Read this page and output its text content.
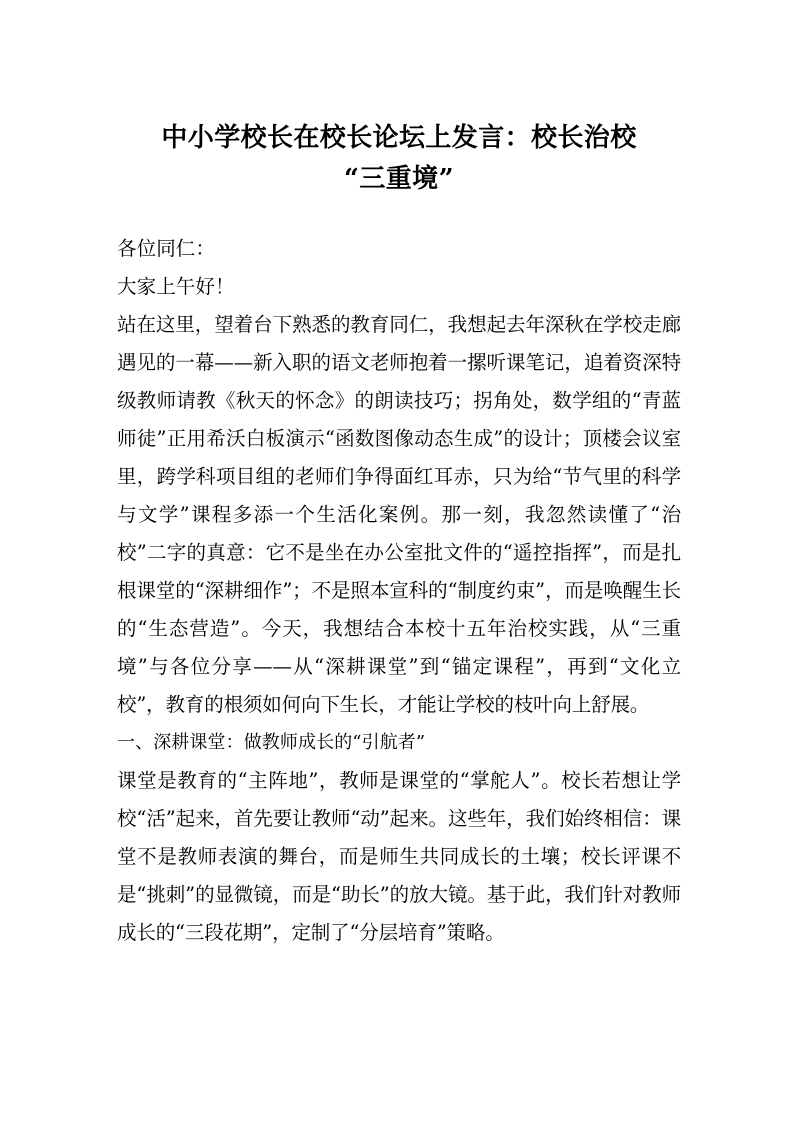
中小学校长在校长论坛上发言：校长治校
“三重境”

各位同仁：

大家上午好！

站在这里，望着台下熟悉的教育同仁，我想起去年深秋在学校走廊遇见的一幕——新入职的语文老师抱着一摞听课笔记，追着资深特级教师请教《秋天的怀念》的朗读技巧；拐角处，数学组的“青蓝师徒”正用希沃白板演示“函数图像动态生成”的设计；顶楼会议室里，跨学科项目组的老师们争得面红耳赤，只为给“节气里的科学与文学”课程多添一个生活化案例。那一刻，我忽然读懂了“治校”二字的真意：它不是坐在办公室批文件的“遥控指挥”，而是扎根课堂的“深耕细作”；不是照本宣科的“制度约束”，而是唤醒生长的“生态营造”。今天，我想结合本校十五年治校实践，从“三重境”与各位分享——从“深耕课堂”到“锚定课程”，再到“文化立校”，教育的根须如何向下生长，才能让学校的枝叶向上舒展。

一、深耕课堂：做教师成长的“引航者”

课堂是教育的“主阵地”，教师是课堂的“掌舵人”。校长若想让学校“活”起来，首先要让教师“动”起来。这些年，我们始终相信：课堂不是教师表演的舞台，而是师生共同成长的土壤；校长评课不是“挑刺”的显微镜，而是“助长”的放大镜。基于此，我们针对教师成长的“三段花期”，定制了“分层培育”策略。
